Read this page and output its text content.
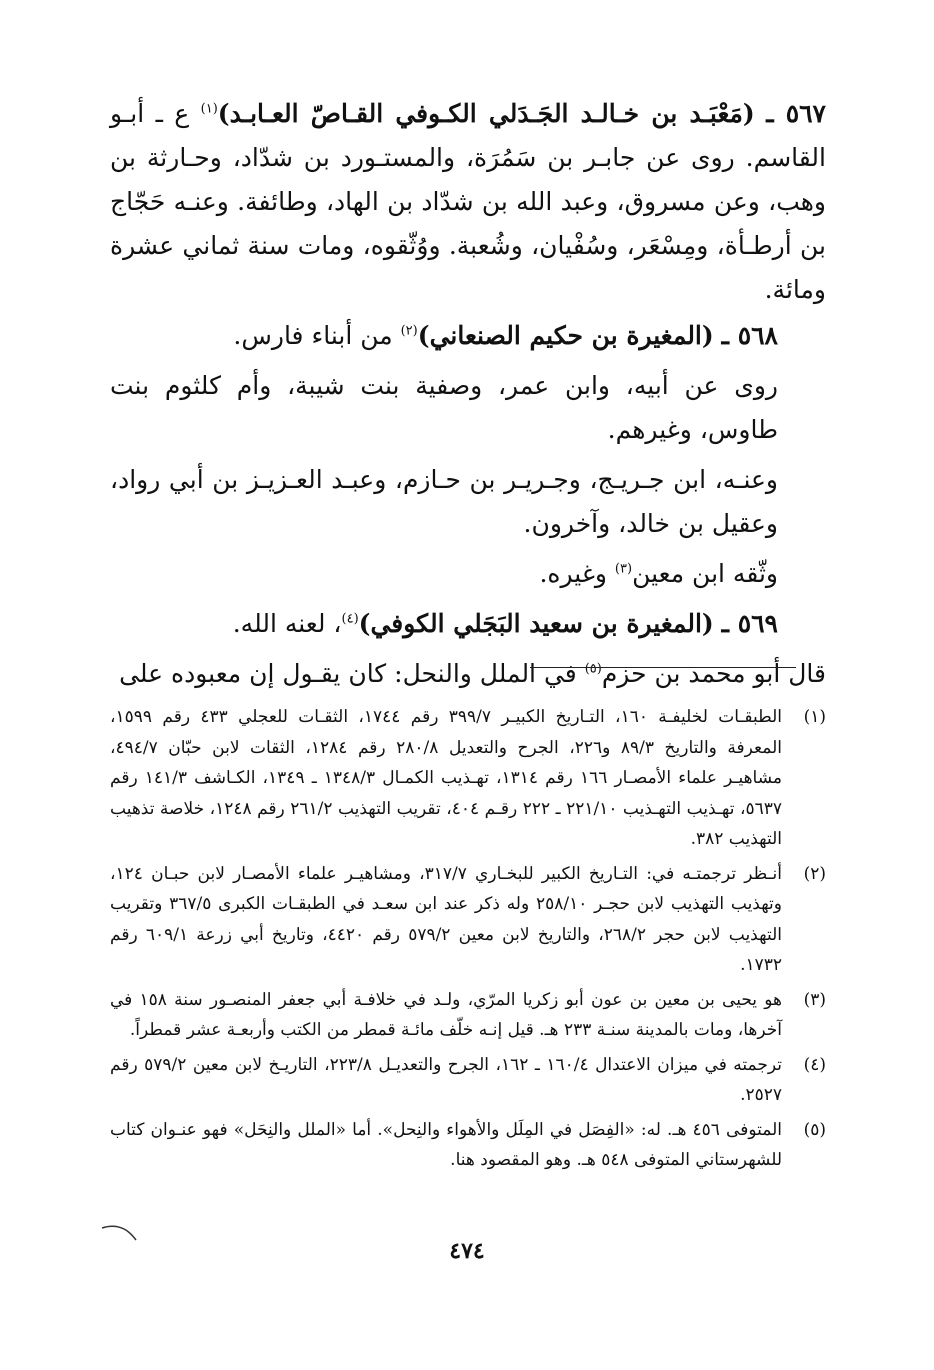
٥٦٧ ـ (مَعْبَـد بن خـالـد الجَـدَلي الكـوفي القـاصّ العـابـد)$^{(١)}$ ع ـ أبـو القاسم. روى عن جابـر بن سَمُرَة، والمستـورد بن شدّاد، وحـارثة بن وهب، وعن مسروق، وعبد الله بن شدّاد بن الهاد، وطائفة. وعنـه حَجّاج بن أرطـأة، ومِسْعَر، وسُفْيان، وشُعبة. ووُثّقوه، ومات سنة ثماني عشرة ومائة.

٥٦٨ ـ (المغيرة بن حكيم الصنعاني)$^{(٢)}$ من أبناء فارس.

روى عن أبيه، وابن عمر، وصفية بنت شيبة، وأم كلثوم بنت طاوس، وغيرهم.

وعنـه، ابن جـريـج، وجـريـر بن حـازم، وعبـد العـزيـز بن أبي رواد، وعقيل بن خالد، وآخرون.

وثّقه ابن معين$^{(٣)}$ وغيره.

٥٦٩ ـ (المغيرة بن سعيد البَجَلي الكوفي)$^{(٤)}$، لعنه الله.

قال أبو محمد بن حزم$^{(٥)}$ في الملل والنحل: كان يقـول إن معبوده على

(١)
الطبقـات لخليفـة ١٦٠، التـاريخ الكبيـر ٣٩٩/٧ رقم ١٧٤٤، الثقـات للعجلي ٤٣٣ رقم ١٥٩٩، المعرفة والتاريخ ٨٩/٣ و٢٢٦، الجرح والتعديل ٢٨٠/٨ رقم ١٢٨٤، الثقات لابن حبّان ٤٩٤/٧، مشاهيـر علماء الأمصـار ١٦٦ رقم ١٣١٤، تهـذيب الكمـال ١٣٤٨/٣ ـ ١٣٤٩، الكـاشف ١٤١/٣ رقم ٥٦٣٧، تهـذيب التهـذيب ٢٢١/١٠ ـ ٢٢٢ رقـم ٤٠٤، تقريب التهذيب ٢٦١/٢ رقم ١٢٤٨، خلاصة تذهيب التهذيب ٣٨٢.
(٢)
أنـظر ترجمتـه في: التـاريخ الكبير للبخـاري ٣١٧/٧، ومشاهيـر علماء الأمصـار لابن حبـان ١٢٤، وتهذيب التهذيب لابن حجـر ٢٥٨/١٠ وله ذكر عند ابن سعـد في الطبقـات الكبرى ٣٦٧/٥ وتقريب التهذيب لابن حجر ٢٦٨/٢، والتاريخ لابن معين ٥٧٩/٢ رقم ٤٤٢٠، وتاريخ أبي زرعة ٦٠٩/١ رقم ١٧٣٢.
(٣)
هو يحيى بن معين بن عون أبو زكريا المرّي، ولـد في خلافـة أبي جعفر المنصـور سنة ١٥٨ في آخرها، ومات بالمدينة سنـة ٢٣٣ هـ. قيل إنـه خلّف مائـة قمطر من الكتب وأربعـة عشر قمطراً.
(٤)
ترجمته في ميزان الاعتدال ١٦٠/٤ ـ ١٦٢، الجرح والتعديـل ٢٢٣/٨، التاريـخ لابن معين ٥٧٩/٢ رقم ٢٥٢٧.
(٥)
المتوفى ٤٥٦ هـ. له: «الفِصَل في المِلَل والأهواء والنِحل». أما «الملل والنِحَل» فهو عنـوان كتاب للشهرستاني المتوفى ٥٤٨ هـ. وهو المقصود هنا.
٤٧٤
